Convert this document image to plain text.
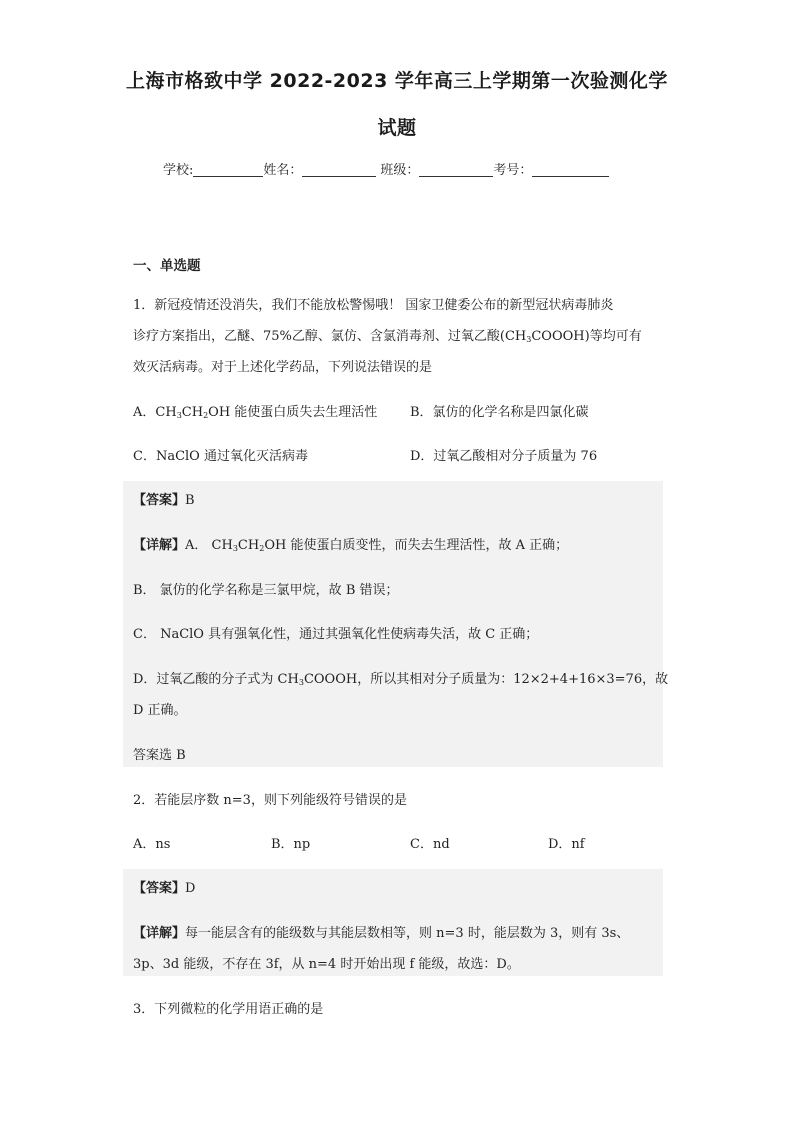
上海市格致中学 2022-2023 学年高三上学期第一次验测化学
试题
学校:	姓名：	班级：	考号：
一、单选题
1．新冠疫情还没消失，我们不能放松警惕哦！ 国家卫健委公布的新型冠状病毒肺炎
诊疗方案指出，乙醚、75%乙醇、氯仿、含氯消毒剂、过氧乙酸$(CH_3COOOH)$等均可有
效灭活病毒。对于上述化学药品，下列说法错误的是
A．$CH_3CH_2OH$ 能使蛋白质失去生理活性	B．氯仿的化学名称是四氯化碳
C．NaClO 通过氧化灭活病毒	D．过氧乙酸相对分子质量为 76
【答案】B
【详解】A． $CH_3CH_2OH$ 能使蛋白质变性，而失去生理活性，故 A 正确；
B． 氯仿的化学名称是三氯甲烷，故 B 错误；
C． NaClO 具有强氧化性，通过其强氧化性使病毒失活，故 C 正确；
D．过氧乙酸的分子式为 $CH_3COOOH$，所以其相对分子质量为：12×2+4+16×3=76，故
D 正确。
答案选 B
2．若能层序数 n=3，则下列能级符号错误的是
A．ns	B．np	C．nd	D．nf
【答案】D
【详解】每一能层含有的能级数与其能层数相等，则 n=3 时，能层数为 3，则有 3s、
3p、3d 能级，不存在 3f，从 n=4 时开始出现 f 能级，故选：D。
3．下列微粒的化学用语正确的是
